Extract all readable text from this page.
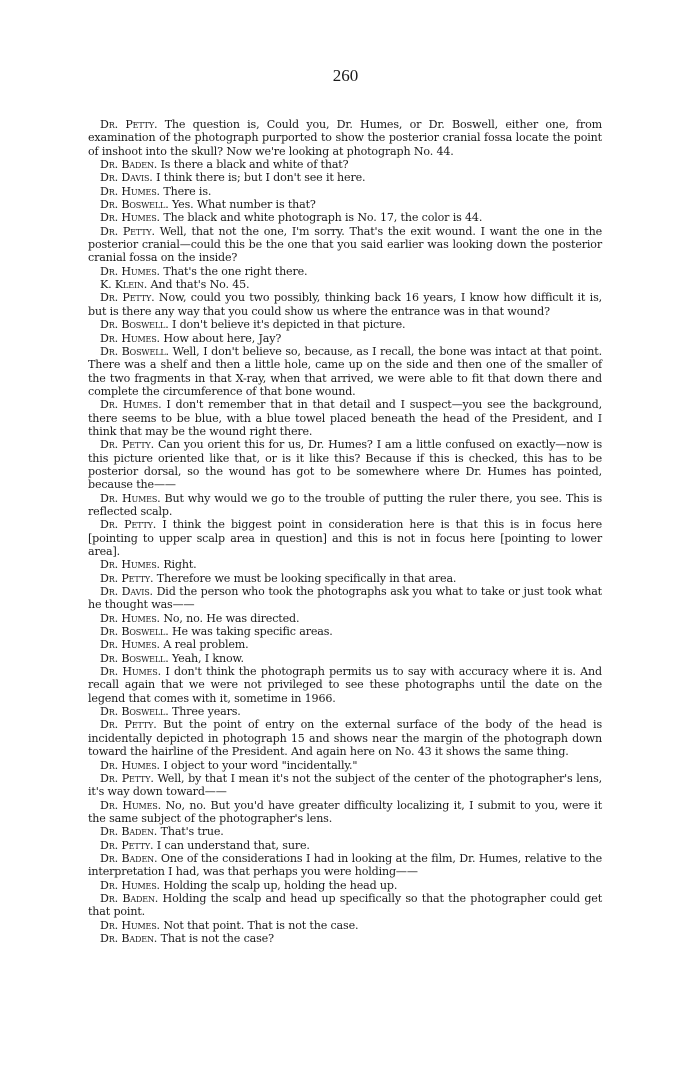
260

Dr. Petty. The question is, Could you, Dr. Humes, or Dr. Boswell, either one, from examination of the photograph purported to show the posterior cranial fossa locate the point of inshoot into the skull? Now we're looking at photograph No. 44.

Dr. Baden. Is there a black and white of that?

Dr. Davis. I think there is; but I don't see it here.

Dr. Humes. There is.

Dr. Boswell. Yes. What number is that?

Dr. Humes. The black and white photograph is No. 17, the color is 44.

Dr. Petty. Well, that not the one, I'm sorry. That's the exit wound. I want the one in the posterior cranial—could this be the one that you said earlier was looking down the posterior cranial fossa on the inside?

Dr. Humes. That's the one right there.

K. Klein. And that's No. 45.

Dr. Petty. Now, could you two possibly, thinking back 16 years, I know how difficult it is, but is there any way that you could show us where the entrance was in that wound?

Dr. Boswell. I don't believe it's depicted in that picture.

Dr. Humes. How about here, Jay?

Dr. Boswell. Well, I don't believe so, because, as I recall, the bone was intact at that point. There was a shelf and then a little hole, came up on the side and then one of the smaller of the two fragments in that X-ray, when that arrived, we were able to fit that down there and complete the circumference of that bone wound.

Dr. Humes. I don't remember that in that detail and I suspect—you see the background, there seems to be blue, with a blue towel placed beneath the head of the President, and I think that may be the wound right there.

Dr. Petty. Can you orient this for us, Dr. Humes? I am a little confused on exactly—now is this picture oriented like that, or is it like this? Because if this is checked, this has to be posterior dorsal, so the wound has got to be somewhere where Dr. Humes has pointed, because the——

Dr. Humes. But why would we go to the trouble of putting the ruler there, you see. This is reflected scalp.

Dr. Petty. I think the biggest point in consideration here is that this is in focus here [pointing to upper scalp area in question] and this is not in focus here [pointing to lower area].

Dr. Humes. Right.

Dr. Petty. Therefore we must be looking specifically in that area.

Dr. Davis. Did the person who took the photographs ask you what to take or just took what he thought was——

Dr. Humes. No, no. He was directed.

Dr. Boswell. He was taking specific areas.

Dr. Humes. A real problem.

Dr. Boswell. Yeah, I know.

Dr. Humes. I don't think the photograph permits us to say with accuracy where it is. And recall again that we were not privileged to see these photographs until the date on the legend that comes with it, sometime in 1966.

Dr. Boswell. Three years.

Dr. Petty. But the point of entry on the external surface of the body of the head is incidentally depicted in photograph 15 and shows near the margin of the photograph down toward the hairline of the President. And again here on No. 43 it shows the same thing.

Dr. Humes. I object to your word "incidentally."

Dr. Petty. Well, by that I mean it's not the subject of the center of the photographer's lens, it's way down toward——

Dr. Humes. No, no. But you'd have greater difficulty localizing it, I submit to you, were it the same subject of the photographer's lens.

Dr. Baden. That's true.

Dr. Petty. I can understand that, sure.

Dr. Baden. One of the considerations I had in looking at the film, Dr. Humes, relative to the interpretation I had, was that perhaps you were holding——

Dr. Humes. Holding the scalp up, holding the head up.

Dr. Baden. Holding the scalp and head up specifically so that the photographer could get that point.

Dr. Humes. Not that point. That is not the case.

Dr. Baden. That is not the case?
